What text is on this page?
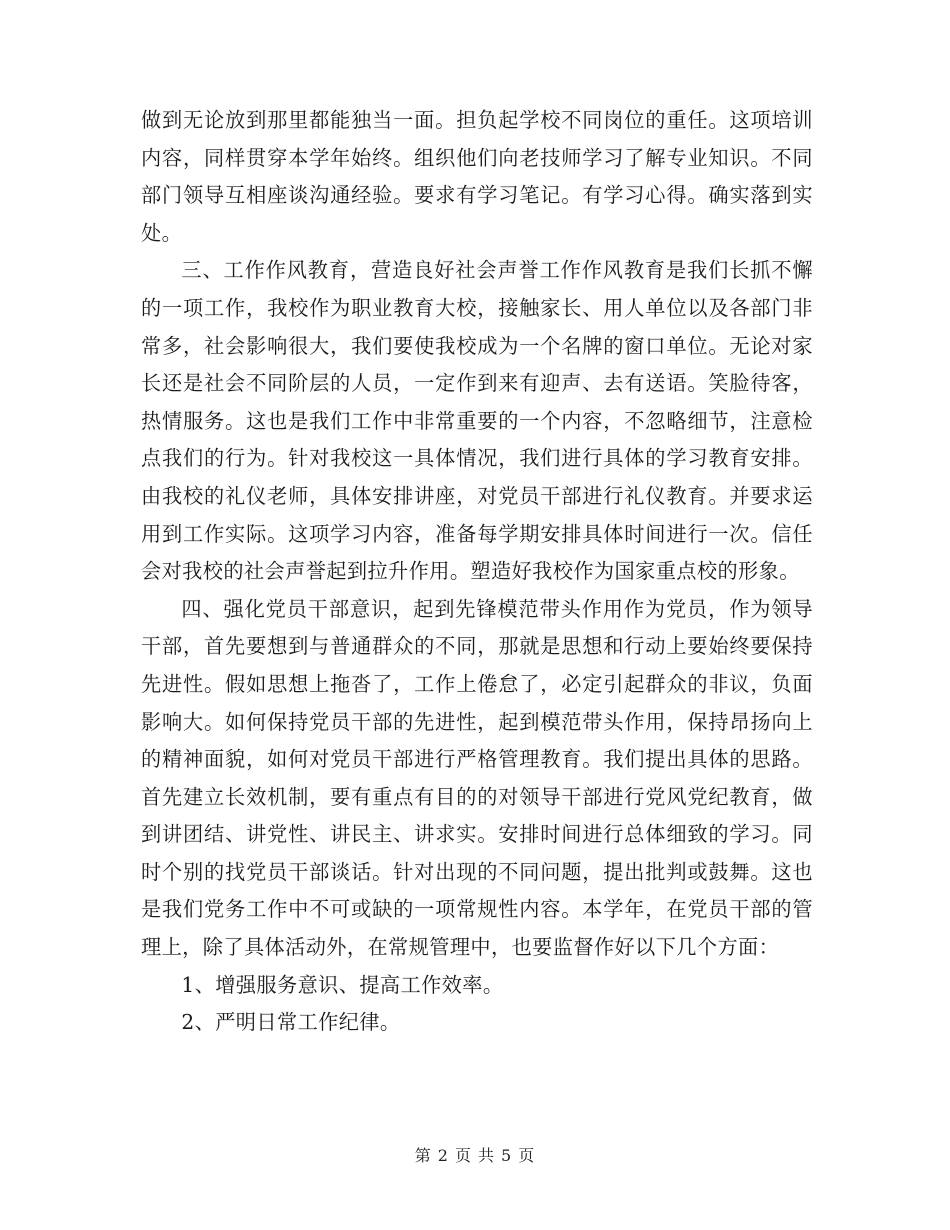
做到无论放到那里都能独当一面。担负起学校不同岗位的重任。这项培训内容，同样贯穿本学年始终。组织他们向老技师学习了解专业知识。不同部门领导互相座谈沟通经验。要求有学习笔记。有学习心得。确实落到实处。

三、工作作风教育，营造良好社会声誉工作作风教育是我们长抓不懈的一项工作，我校作为职业教育大校，接触家长、用人单位以及各部门非常多，社会影响很大，我们要使我校成为一个名牌的窗口单位。无论对家长还是社会不同阶层的人员，一定作到来有迎声、去有送语。笑脸待客，热情服务。这也是我们工作中非常重要的一个内容，不忽略细节，注意检点我们的行为。针对我校这一具体情况，我们进行具体的学习教育安排。由我校的礼仪老师，具体安排讲座，对党员干部进行礼仪教育。并要求运用到工作实际。这项学习内容，准备每学期安排具体时间进行一次。信任会对我校的社会声誉起到拉升作用。塑造好我校作为国家重点校的形象。

四、强化党员干部意识，起到先锋模范带头作用作为党员，作为领导干部，首先要想到与普通群众的不同，那就是思想和行动上要始终要保持先进性。假如思想上拖沓了，工作上倦怠了，必定引起群众的非议，负面影响大。如何保持党员干部的先进性，起到模范带头作用，保持昂扬向上的精神面貌，如何对党员干部进行严格管理教育。我们提出具体的思路。首先建立长效机制，要有重点有目的的对领导干部进行党风党纪教育，做到讲团结、讲党性、讲民主、讲求实。安排时间进行总体细致的学习。同时个别的找党员干部谈话。针对出现的不同问题，提出批判或鼓舞。这也是我们党务工作中不可或缺的一项常规性内容。本学年，在党员干部的管理上，除了具体活动外，在常规管理中，也要监督作好以下几个方面：

1、增强服务意识、提高工作效率。

2、严明日常工作纪律。

第 2 页 共 5 页
